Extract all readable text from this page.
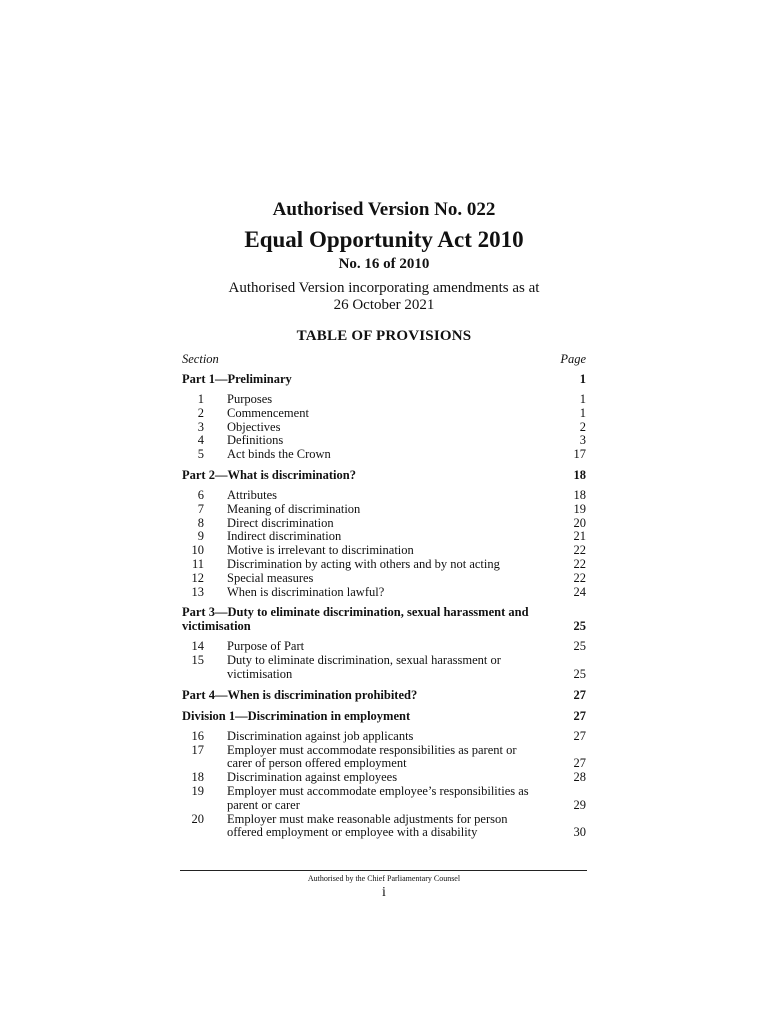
Authorised Version No. 022
Equal Opportunity Act 2010
No. 16 of 2010
Authorised Version incorporating amendments as at
26 October 2021
TABLE OF PROVISIONS
Section	Page
Part 1—Preliminary	1
1 Purposes	1
2 Commencement	1
3 Objectives	2
4 Definitions	3
5 Act binds the Crown	17
Part 2—What is discrimination?	18
6 Attributes	18
7 Meaning of discrimination	19
8 Direct discrimination	20
9 Indirect discrimination	21
10 Motive is irrelevant to discrimination	22
11 Discrimination by acting with others and by not acting	22
12 Special measures	22
13 When is discrimination lawful?	24
Part 3—Duty to eliminate discrimination, sexual harassment and victimisation	25
14 Purpose of Part	25
15 Duty to eliminate discrimination, sexual harassment or
victimisation	25
Part 4—When is discrimination prohibited?	27
Division 1—Discrimination in employment	27
16 Discrimination against job applicants	27
17 Employer must accommodate responsibilities as parent or
carer of person offered employment	27
18 Discrimination against employees	28
19 Employer must accommodate employee’s responsibilities as
parent or carer	29
20 Employer must make reasonable adjustments for person
offered employment or employee with a disability	30
Authorised by the Chief Parliamentary Counsel
i
